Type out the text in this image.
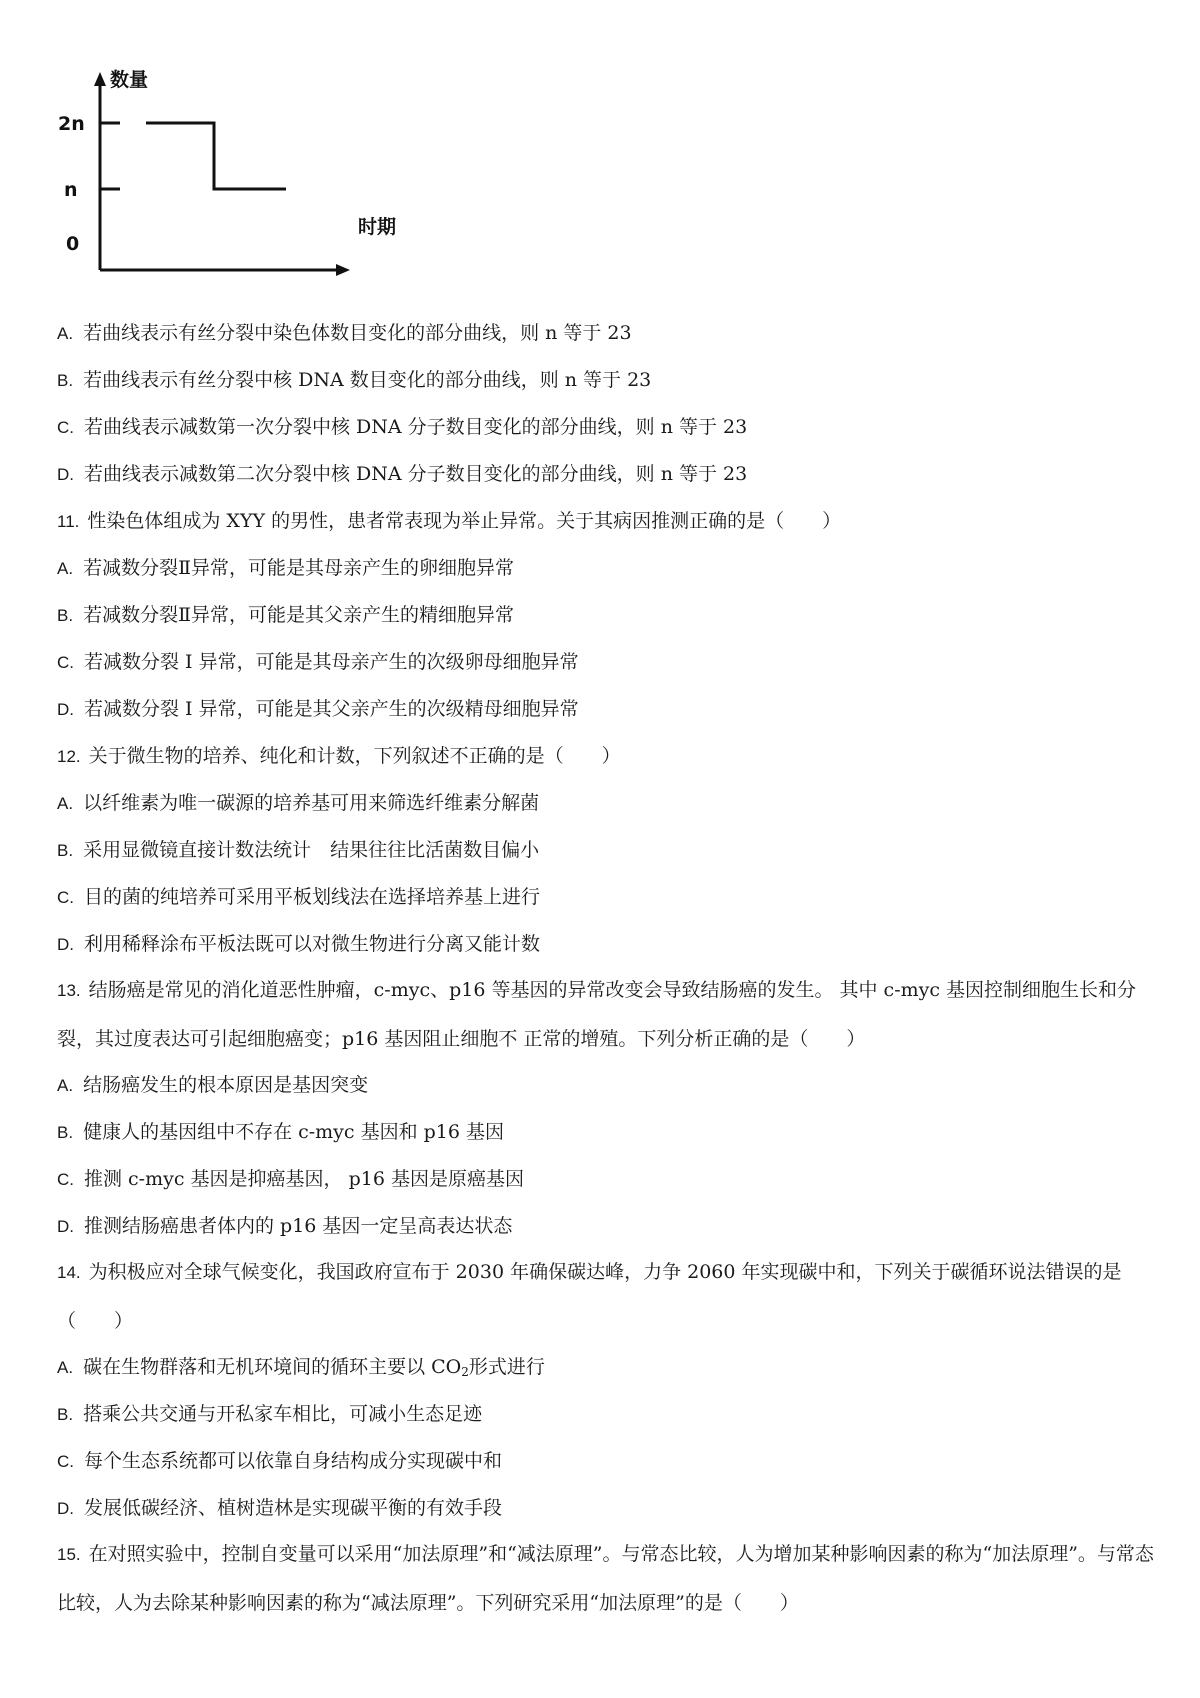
数量
时期
2n
n
0
A. 若曲线表示有丝分裂中染色体数目变化的部分曲线，则 n 等于 23
B. 若曲线表示有丝分裂中核 DNA 数目变化的部分曲线，则 n 等于 23
C. 若曲线表示减数第一次分裂中核 DNA 分子数目变化的部分曲线，则 n 等于 23
D. 若曲线表示减数第二次分裂中核 DNA 分子数目变化的部分曲线，则 n 等于 23
11. 性染色体组成为 XYY 的男性，患者常表现为举止异常。关于其病因推测正确的是（　　）
A. 若减数分裂Ⅱ异常，可能是其母亲产生的卵细胞异常
B. 若减数分裂Ⅱ异常，可能是其父亲产生的精细胞异常
C. 若减数分裂 I 异常，可能是其母亲产生的次级卵母细胞异常
D. 若减数分裂 I 异常，可能是其父亲产生的次级精母细胞异常
12. 关于微生物的培养、纯化和计数，下列叙述不正确的是（　　）
A. 以纤维素为唯一碳源的培养基可用来筛选纤维素分解菌
B. 采用显微镜直接计数法统计　结果往往比活菌数目偏小
C. 目的菌的纯培养可采用平板划线法在选择培养基上进行
D. 利用稀释涂布平板法既可以对微生物进行分离又能计数
13. 结肠癌是常见的消化道恶性肿瘤，c-myc、p16 等基因的异常改变会导致结肠癌的发生。 其中 c-myc 基因控制细胞生长和分裂，其过度表达可引起细胞癌变；p16 基因阻止细胞不 正常的增殖。下列分析正确的是（　　）
A. 结肠癌发生的根本原因是基因突变
B. 健康人的基因组中不存在 c-myc 基因和 p16 基因
C. 推测 c-myc 基因是抑癌基因， p16 基因是原癌基因
D. 推测结肠癌患者体内的 p16 基因一定呈高表达状态
14. 为积极应对全球气候变化，我国政府宣布于 2030 年确保碳达峰，力争 2060 年实现碳中和，下列关于碳循环说法错误的是（　　）
A. 碳在生物群落和无机环境间的循环主要以 $CO_2$形式进行
B. 搭乘公共交通与开私家车相比，可减小生态足迹
C. 每个生态系统都可以依靠自身结构成分实现碳中和
D. 发展低碳经济、植树造林是实现碳平衡的有效手段
15. 在对照实验中，控制自变量可以采用“加法原理”和“减法原理”。与常态比较，人为增加某种影响因素的称为“加法原理”。与常态比较，人为去除某种影响因素的称为“减法原理”。下列研究采用“加法原理”的是（　　）
